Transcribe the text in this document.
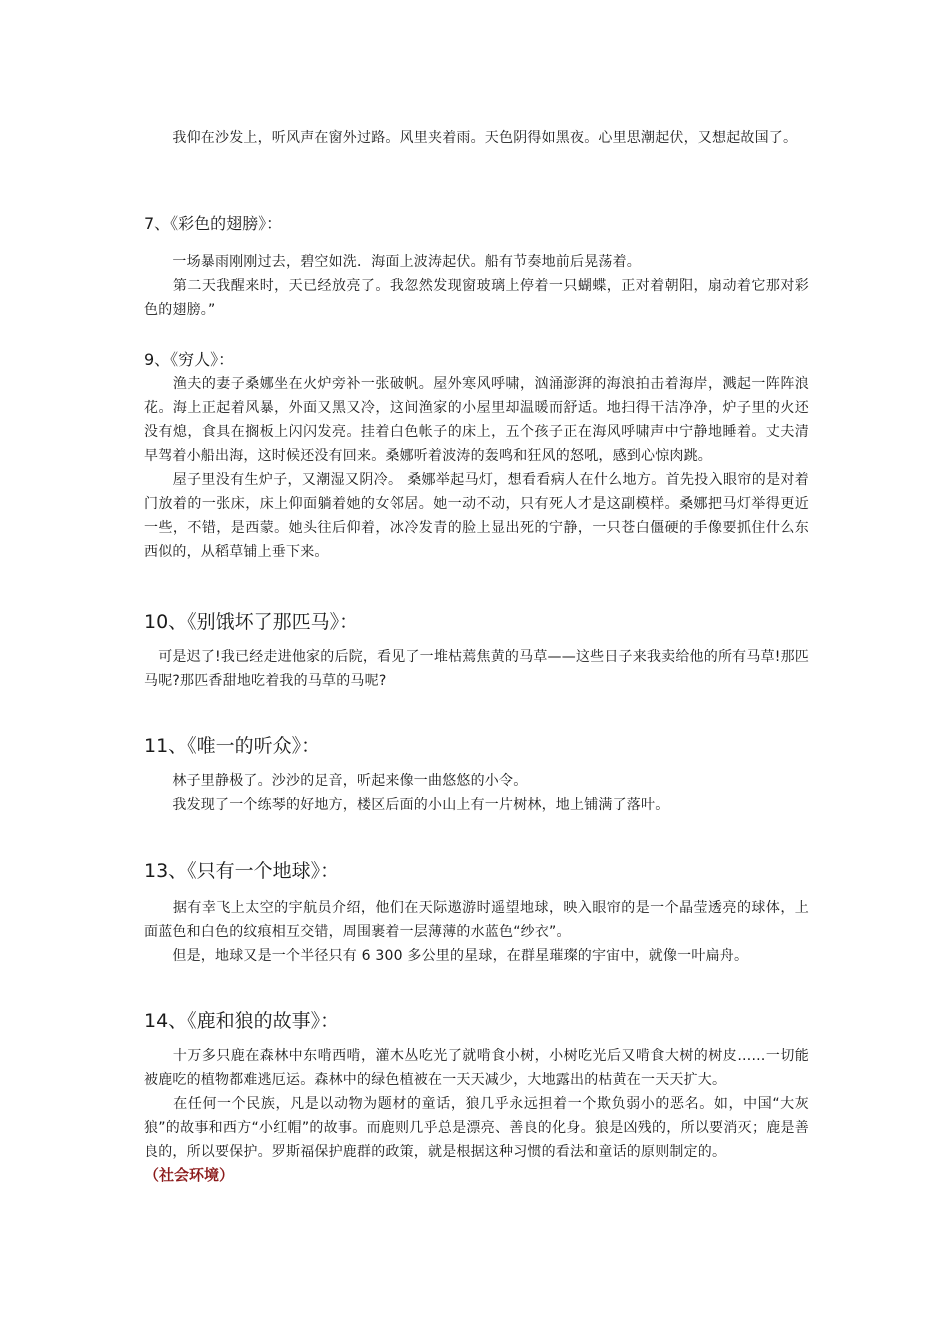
　　我仰在沙发上，听风声在窗外过路。风里夹着雨。天色阴得如黑夜。心里思潮起伏，又想起故国了。

7、《彩色的翅膀》：

　　一场暴雨刚刚过去，碧空如洗．海面上波涛起伏。船有节奏地前后晃荡着。

　　第二天我醒来时，天已经放亮了。我忽然发现窗玻璃上停着一只蝴蝶，正对着朝阳，扇动着它那对彩色的翅膀。”

9、《穷人》：

　　渔夫的妻子桑娜坐在火炉旁补一张破帆。屋外寒风呼啸，汹涌澎湃的海浪拍击着海岸，溅起一阵阵浪花。海上正起着风暴，外面又黑又冷，这间渔家的小屋里却温暖而舒适。地扫得干洁净净，炉子里的火还没有熄，食具在搁板上闪闪发亮。挂着白色帐子的床上，五个孩子正在海风呼啸声中宁静地睡着。丈夫清早驾着小船出海，这时候还没有回来。桑娜听着波涛的轰鸣和狂风的怒吼，感到心惊肉跳。

　　屋子里没有生炉子，又潮湿又阴冷。 桑娜举起马灯，想看看病人在什么地方。首先投入眼帘的是对着门放着的一张床，床上仰面躺着她的女邻居。她一动不动，只有死人才是这副模样。桑娜把马灯举得更近一些，不错，是西蒙。她头往后仰着，冰冷发青的脸上显出死的宁静，一只苍白僵硬的手像要抓住什么东西似的，从稻草铺上垂下来。

10、《别饿坏了那匹马》：

　可是迟了!我已经走进他家的后院，看见了一堆枯蔫焦黄的马草——这些日子来我卖给他的所有马草!那匹马呢?那匹香甜地吃着我的马草的马呢?

11、《唯一的听众》：

　　林子里静极了。沙沙的足音，听起来像一曲悠悠的小令。

　　我发现了一个练琴的好地方，楼区后面的小山上有一片树林，地上铺满了落叶。

13、《只有一个地球》：

　　据有幸飞上太空的宇航员介绍，他们在天际遨游时遥望地球，映入眼帘的是一个晶莹透亮的球体，上面蓝色和白色的纹痕相互交错，周围裹着一层薄薄的水蓝色“纱衣”。

　　但是，地球又是一个半径只有 6 300 多公里的星球，在群星璀璨的宇宙中，就像一叶扁舟。

14、《鹿和狼的故事》：

　　十万多只鹿在森林中东啃西啃，灌木丛吃光了就啃食小树，小树吃光后又啃食大树的树皮……一切能被鹿吃的植物都难逃厄运。森林中的绿色植被在一天天减少，大地露出的枯黄在一天天扩大。

　　在任何一个民族，凡是以动物为题材的童话，狼几乎永远担着一个欺负弱小的恶名。如，中国“大灰狼”的故事和西方“小红帽”的故事。而鹿则几乎总是漂亮、善良的化身。狼是凶残的，所以要消灭；鹿是善良的，所以要保护。罗斯福保护鹿群的政策，就是根据这种习惯的看法和童话的原则制定的。

（社会环境）
